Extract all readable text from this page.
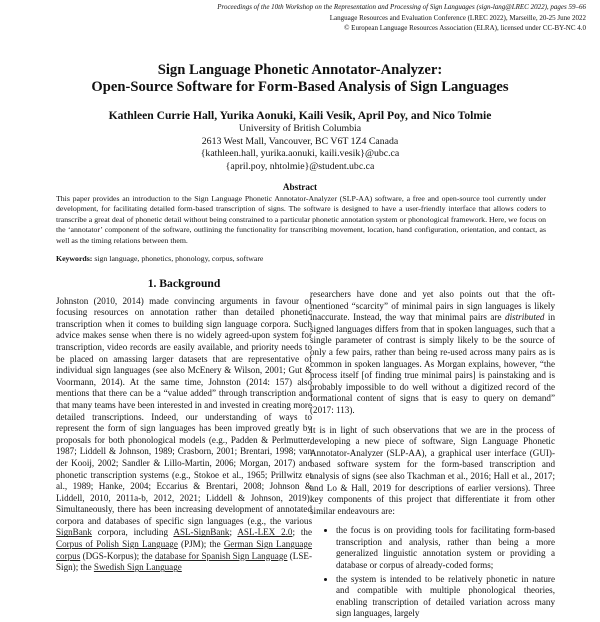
Proceedings of the 10th Workshop on the Representation and Processing of Sign Languages (sign-lang@LREC 2022), pages 59–66
Language Resources and Evaluation Conference (LREC 2022), Marseille, 20-25 June 2022
© European Language Resources Association (ELRA), licensed under CC-BY-NC 4.0
Sign Language Phonetic Annotator-Analyzer:
Open-Source Software for Form-Based Analysis of Sign Languages
Kathleen Currie Hall, Yurika Aonuki, Kaili Vesik, April Poy, and Nico Tolmie
University of British Columbia
2613 West Mall, Vancouver, BC V6T 1Z4 Canada
{kathleen.hall, yurika.aonuki, kaili.vesik}@ubc.ca
{april.poy, nhtolmie}@student.ubc.ca
Abstract
This paper provides an introduction to the Sign Language Phonetic Annotator-Analyzer (SLP-AA) software, a free and open-source tool currently under development, for facilitating detailed form-based transcription of signs. The software is designed to have a user-friendly interface that allows coders to transcribe a great deal of phonetic detail without being constrained to a particular phonetic annotation system or phonological framework. Here, we focus on the ‘annotator’ component of the software, outlining the functionality for transcribing movement, location, hand configuration, orientation, and contact, as well as the timing relations between them.
Keywords: sign language, phonetics, phonology, corpus, software
1. Background

Johnston (2010, 2014) made convincing arguments in favour of focusing resources on annotation rather than detailed phonetic transcription when it comes to building sign language corpora. Such advice makes sense when there is no widely agreed-upon system for transcription, video records are easily available, and priority needs to be placed on amassing larger datasets that are representative of individual sign languages (see also McEnery & Wilson, 2001; Gut & Voormann, 2014). At the same time, Johnston (2014: 157) also mentions that there can be a “value added” through transcription and that many teams have been interested in and invested in creating more detailed transcriptions. Indeed, our understanding of ways to represent the form of sign languages has been improved greatly by proposals for both phonological models (e.g., Padden & Perlmutter, 1987; Liddell & Johnson, 1989; Crasborn, 2001; Brentari, 1998; van der Kooij, 2002; Sandler & Lillo-Martin, 2006; Morgan, 2017) and phonetic transcription systems (e.g., Stokoe et al., 1965; Prillwitz et al., 1989; Hanke, 2004; Eccarius & Brentari, 2008; Johnson & Liddell, 2010, 2011a-b, 2012, 2021; Liddell & Johnson, 2019). Simultaneously, there has been increasing development of annotated corpora and databases of specific sign languages (e.g., the various SignBank corpora, including ASL-SignBank; ASL-LEX 2.0; the Corpus of Polish Sign Language (PJM); the German Sign Language corpus (DGS-Korpus); the database for Spanish Sign Language (LSE-Sign); the Swedish Sign Language

researchers have done and yet also points out that the oft-mentioned “scarcity” of minimal pairs in sign languages is likely inaccurate. Instead, the way that minimal pairs are distributed in signed languages differs from that in spoken languages, such that a single parameter of contrast is simply likely to be the source of only a few pairs, rather than being re-used across many pairs as is common in spoken languages. As Morgan explains, however, “the process itself [of finding true minimal pairs] is painstaking and is probably impossible to do well without a digitized record of the formational content of signs that is easy to query on demand” (2017: 113).

It is in light of such observations that we are in the process of developing a new piece of software, Sign Language Phonetic Annotator-Analyzer (SLP-AA), a graphical user interface (GUI)-based software system for the form-based transcription and analysis of signs (see also Tkachman et al., 2016; Hall et al., 2017; and Lo & Hall, 2019 for descriptions of earlier versions). Three key components of this project that differentiate it from other similar endeavours are:

• the focus is on providing tools for facilitating form-based transcription and analysis, rather than being a more generalized linguistic annotation system or providing a database or corpus of already-coded forms;
• the system is intended to be relatively phonetic in nature and compatible with multiple phonological theories, enabling transcription of detailed variation across many sign languages, largely
